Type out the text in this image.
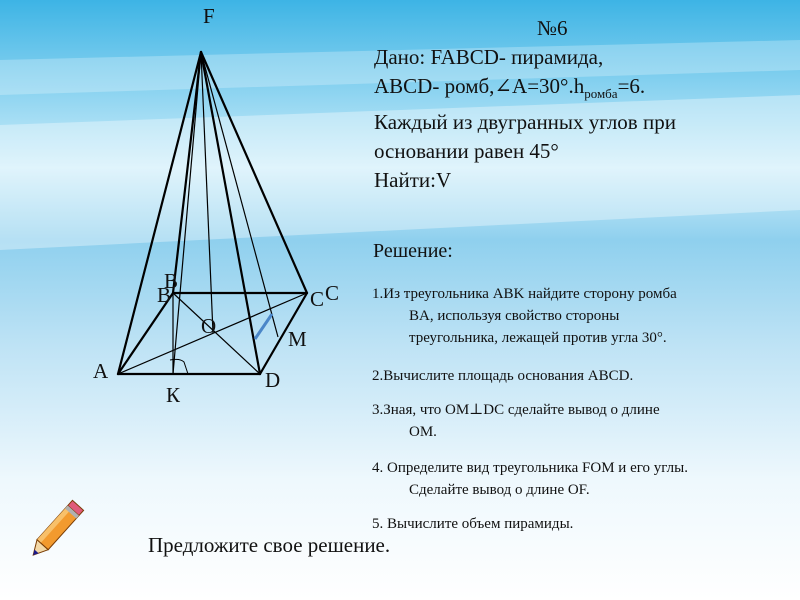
F
B
B	C C
O
M
A	D
К
№6
Дано: FABCD- пирамида,
ABCD- $ромб,\angle A=30^\circ.h_{ромба}=6$.
Каждый из двугранных углов при
основании равен 45°
Найти:V
Решение:
1.Из треугольника ABK найдите сторону ромба
BA, используя свойство стороны
треугольника, лежащей против угла 30°.
2.Вычислите площадь основания ABCD.
3.Зная, что OM⊥DC сделайте вывод о длине
OM.
4. Определите вид треугольника FOM и его углы.
Сделайте вывод о длине OF.
5. Вычислите объем пирамиды.
Предложите свое решение.
